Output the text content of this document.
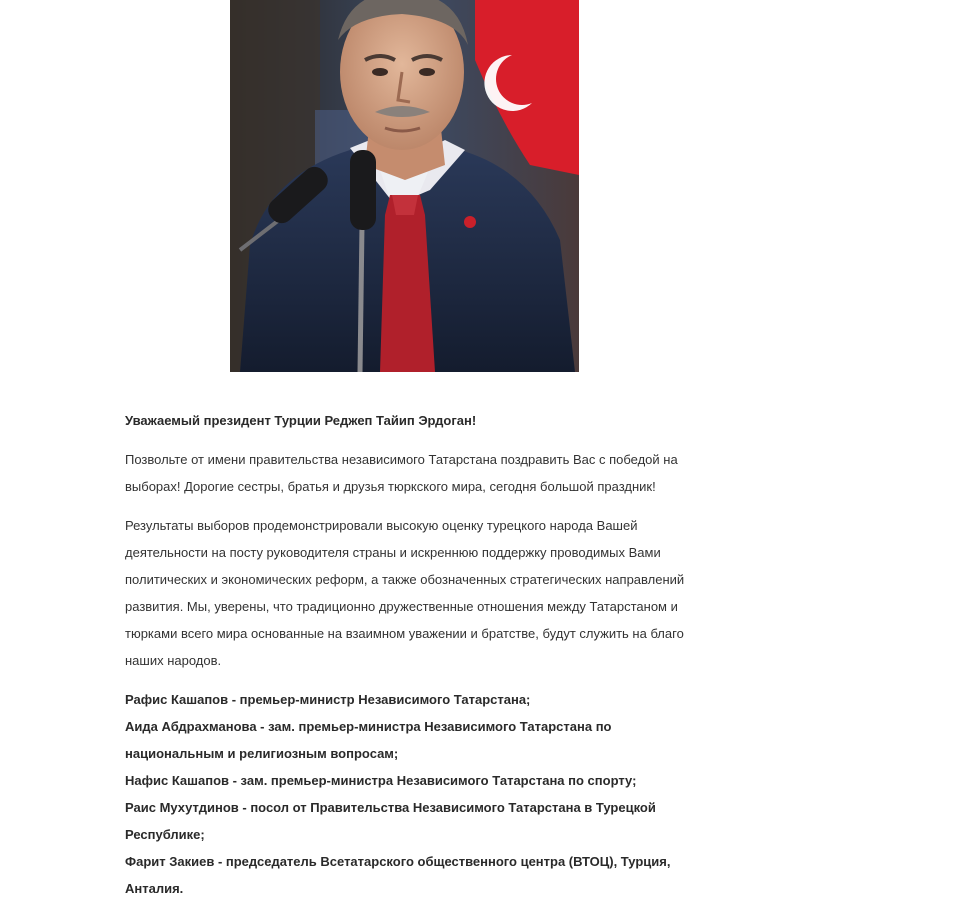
Уважаемый президент Турции Реджеп Тайип Эрдоган!

Позвольте от имени правительства независимого Татарстана поздравить Вас с победой на выборах! Дорогие сестры, братья и друзья тюркского мира, сегодня большой праздник!

Результаты выборов продемонстрировали высокую оценку турецкого народа Вашей деятельности на посту руководителя страны и искреннюю поддержку проводимых Вами политических и экономических реформ, а также обозначенных стратегических направлений развития. Мы, уверены, что традиционно дружественные отношения между Татарстаном и тюрками всего мира основанные на взаимном уважении и братстве, будут служить на благо наших народов.

Рафис Кашапов - премьер-министр Независимого Татарстана;
Аида Абдрахманова - зам. премьер-министра Независимого Татарстана по национальным и религиозным вопросам;
Нафис Кашапов - зам. премьер-министра Независимого Татарстана по спорту;
Раис Мухутдинов - посол от Правительства Независимого Татарстана в Турецкой Республике;
Фарит Закиев - председатель Всетатарского общественного центра (ВТОЦ), Турция, Анталия.
